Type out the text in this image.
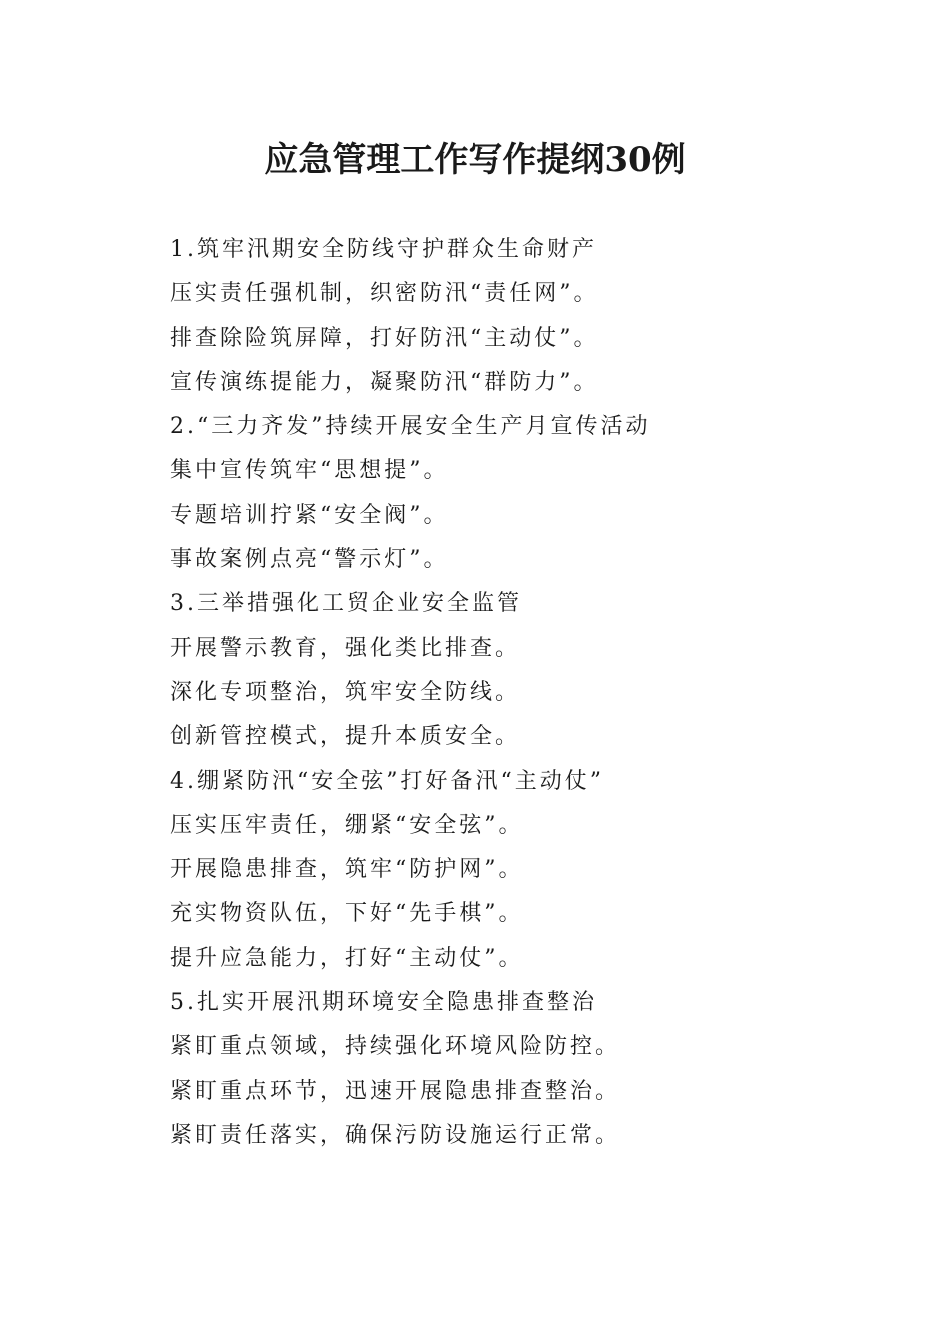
应急管理工作写作提纲30例
1.筑牢汛期安全防线守护群众生命财产
压实责任强机制，织密防汛“责任网”。
排查除险筑屏障，打好防汛“主动仗”。
宣传演练提能力，凝聚防汛“群防力”。
2.“三力齐发”持续开展安全生产月宣传活动
集中宣传筑牢“思想提”。
专题培训拧紧“安全阀”。
事故案例点亮“警示灯”。
3.三举措强化工贸企业安全监管
开展警示教育，强化类比排查。
深化专项整治，筑牢安全防线。
创新管控模式，提升本质安全。
4.绷紧防汛“安全弦”打好备汛“主动仗”
压实压牢责任，绷紧“安全弦”。
开展隐患排查，筑牢“防护网”。
充实物资队伍，下好“先手棋”。
提升应急能力，打好“主动仗”。
5.扎实开展汛期环境安全隐患排查整治
紧盯重点领域，持续强化环境风险防控。
紧盯重点环节，迅速开展隐患排查整治。
紧盯责任落实，确保污防设施运行正常。
